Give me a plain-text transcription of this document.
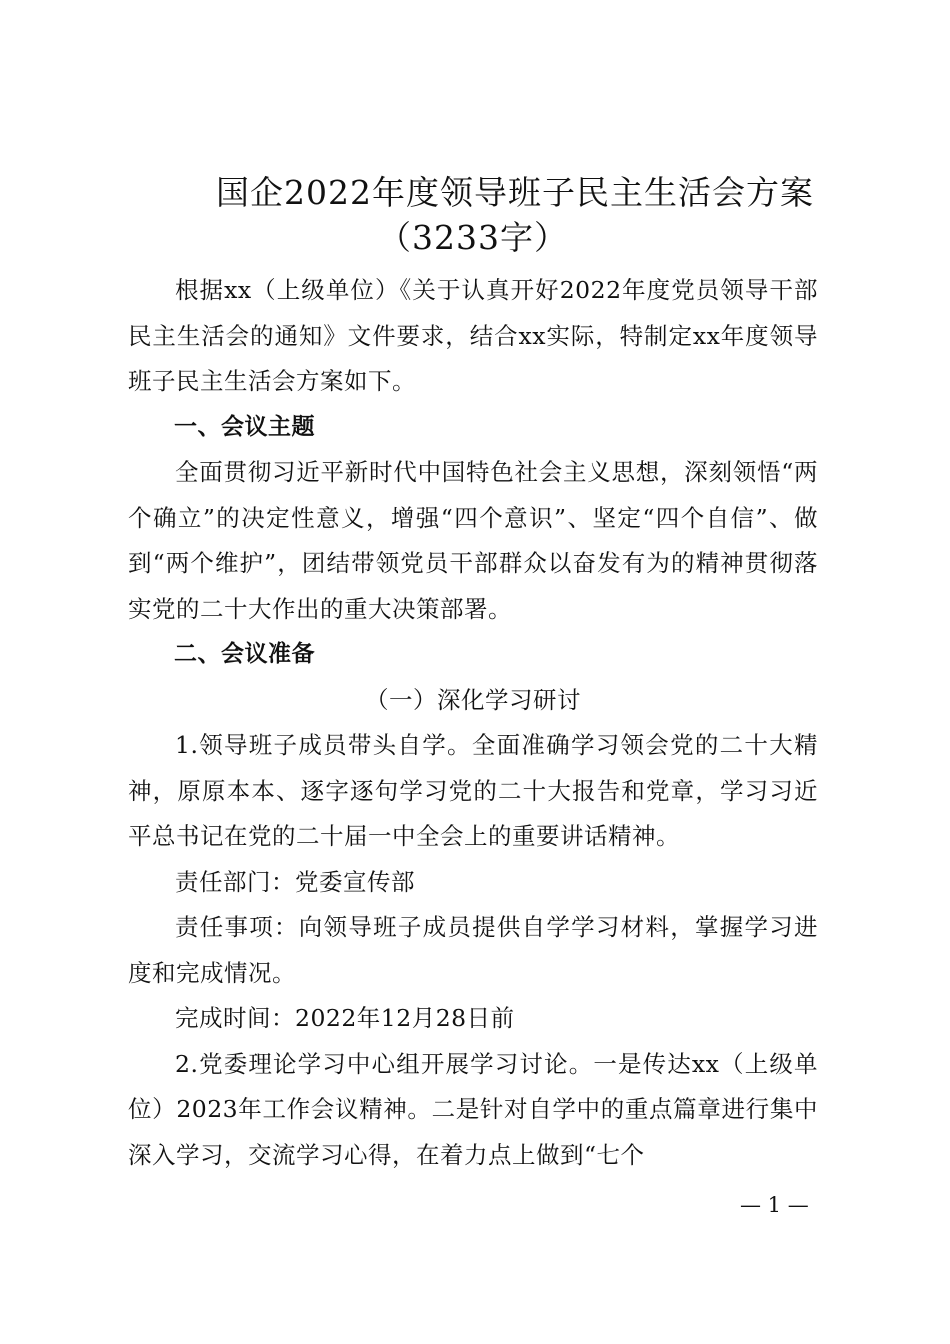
国企2022年度领导班子民主生活会方案
（3233字）

根据xx（上级单位）《关于认真开好2022年度党员领导干部民主生活会的通知》文件要求，结合xx实际，特制定xx年度领导班子民主生活会方案如下。

一、会议主题

全面贯彻习近平新时代中国特色社会主义思想，深刻领悟“两个确立”的决定性意义，增强“四个意识”、坚定“四个自信”、做到“两个维护”，团结带领党员干部群众以奋发有为的精神贯彻落实党的二十大作出的重大决策部署。

二、会议准备

（一）深化学习研讨

1.领导班子成员带头自学。全面准确学习领会党的二十大精神，原原本本、逐字逐句学习党的二十大报告和党章，学习习近平总书记在党的二十届一中全会上的重要讲话精神。

责任部门：党委宣传部

责任事项：向领导班子成员提供自学学习材料，掌握学习进度和完成情况。

完成时间：2022年12月28日前

2.党委理论学习中心组开展学习讨论。一是传达xx（上级单位）2023年工作会议精神。二是针对自学中的重点篇章进行集中深入学习，交流学习心得，在着力点上做到“七个

— 1 —
